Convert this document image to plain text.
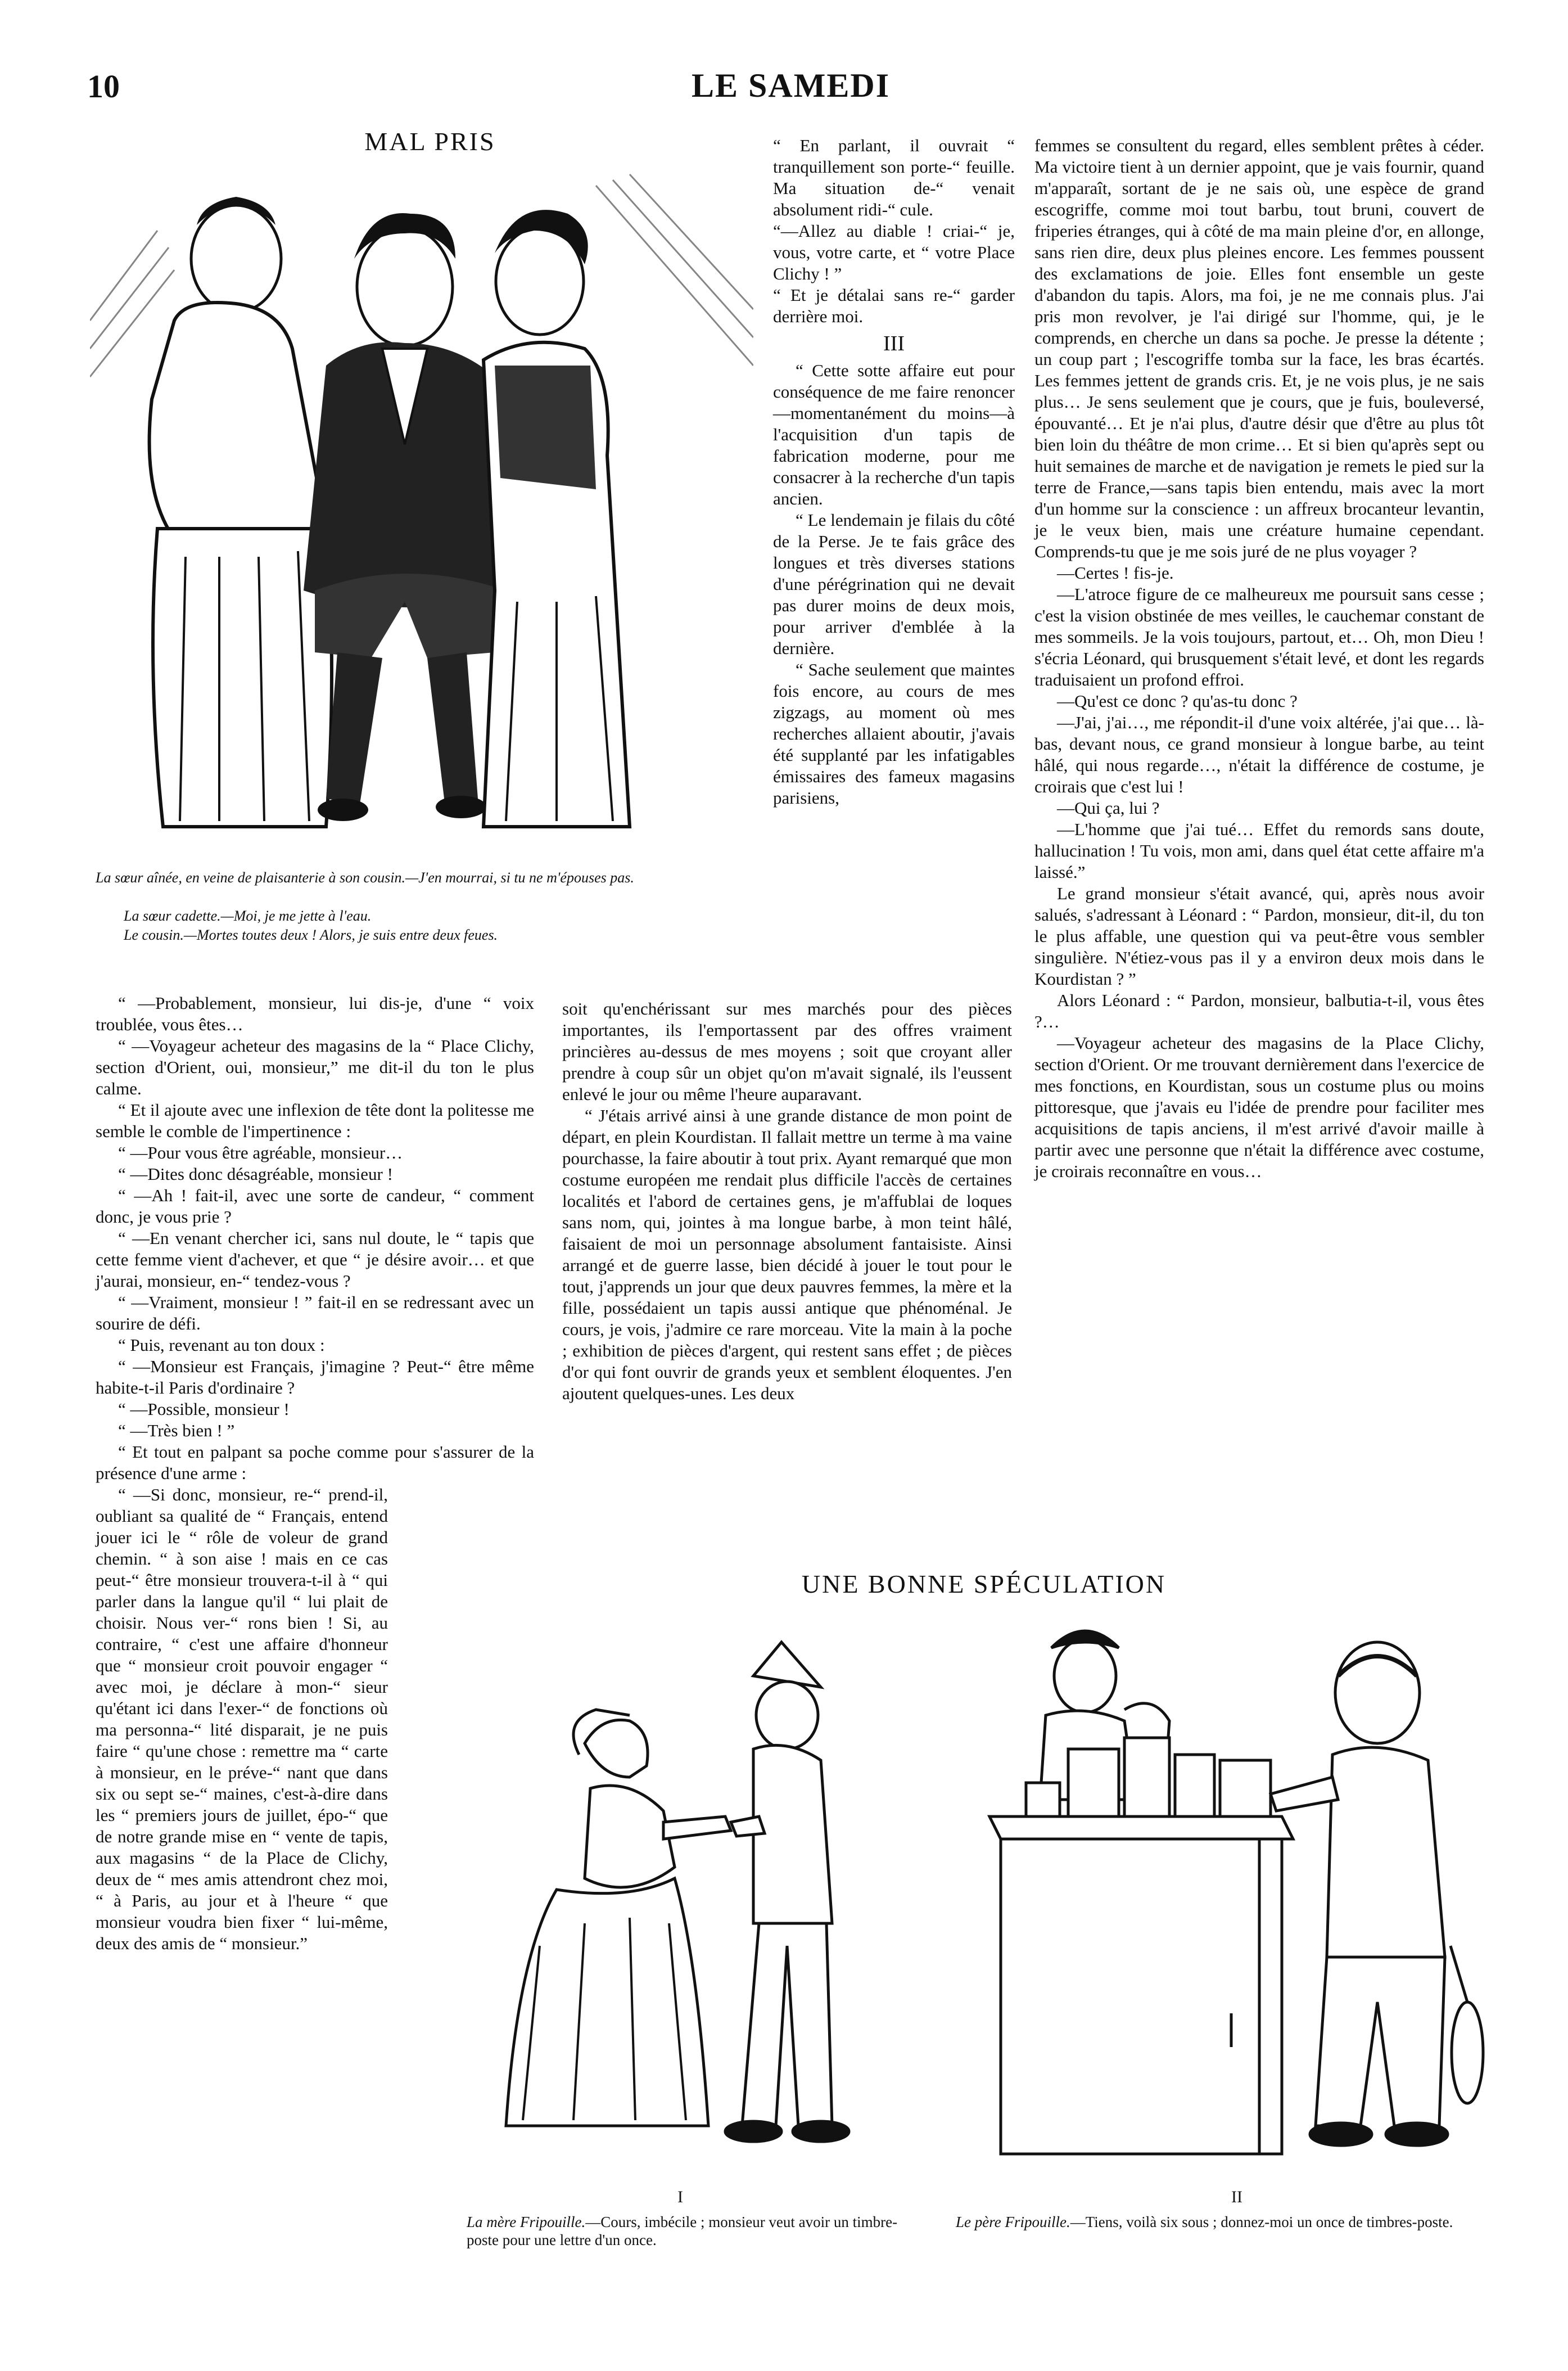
10	LE SAMEDI
MAL PRIS
La sœur aînée, en veine de plaisanterie à son cousin.—J'en mourrai, si tu ne m'épouses pas.
La sœur cadette.—Moi, je me jette à l'eau.
Le cousin.—Mortes toutes deux ! Alors, je suis entre deux feues.

“ En parlant, il ouvrait “ tranquillement son porte-“ feuille. Ma situation de-“ venait absolument ridi-“ cule.

“—Allez au diable ! criai-“ je, vous, votre carte, et “ votre Place Clichy ! ”

“ Et je détalai sans re-“ garder derrière moi.

III

“ Cette sotte affaire eut pour conséquence de me faire renoncer—momentanément du moins—à l'acquisition d'un tapis de fabrication moderne, pour me consacrer à la recherche d'un tapis ancien.

“ Le lendemain je filais du côté de la Perse. Je te fais grâce des longues et très diverses stations d'une pérégrination qui ne devait pas durer moins de deux mois, pour arriver d'emblée à la dernière.

“ Sache seulement que maintes fois encore, au cours de mes zigzags, au moment où mes recherches allaient aboutir, j'avais été supplanté par les infatigables émissaires des fameux magasins parisiens,

“ —Probablement, monsieur, lui dis-je, d'une “ voix troublée, vous êtes…

“ —Voyageur acheteur des magasins de la “ Place Clichy, section d'Orient, oui, monsieur,” me dit-il du ton le plus calme.

“ Et il ajoute avec une inflexion de tête dont la politesse me semble le comble de l'impertinence :

“ —Pour vous être agréable, monsieur…

“ —Dites donc désagréable, monsieur !

“ —Ah ! fait-il, avec une sorte de candeur, “ comment donc, je vous prie ?

“ —En venant chercher ici, sans nul doute, le “ tapis que cette femme vient d'achever, et que “ je désire avoir… et que j'aurai, monsieur, en-“ tendez-vous ?

“ —Vraiment, monsieur ! ” fait-il en se redressant avec un sourire de défi.

“ Puis, revenant au ton doux :

“ —Monsieur est Français, j'imagine ? Peut-“ être même habite-t-il Paris d'ordinaire ?

“ —Possible, monsieur !

“ —Très bien ! ”

“ Et tout en palpant sa poche comme pour s'assurer de la présence d'une arme :

“ —Si donc, monsieur, re-“ prend-il, oubliant sa qualité de “ Français, entend jouer ici le “ rôle de voleur de grand chemin. “ à son aise ! mais en ce cas peut-“ être monsieur trouvera-t-il à “ qui parler dans la langue qu'il “ lui plait de choisir. Nous ver-“ rons bien ! Si, au contraire, “ c'est une affaire d'honneur que “ monsieur croit pouvoir engager “ avec moi, je déclare à mon-“ sieur qu'étant ici dans l'exer-“ de fonctions où ma personna-“ lité disparait, je ne puis faire “ qu'une chose : remettre ma “ carte à monsieur, en le préve-“ nant que dans six ou sept se-“ maines, c'est-à-dire dans les “ premiers jours de juillet, épo-“ que de notre grande mise en “ vente de tapis, aux magasins “ de la Place de Clichy, deux de “ mes amis attendront chez moi, “ à Paris, au jour et à l'heure “ que monsieur voudra bien fixer “ lui-même, deux des amis de “ monsieur.”

soit qu'enchérissant sur mes marchés pour des pièces importantes, ils l'emportassent par des offres vraiment princières au-dessus de mes moyens ; soit que croyant aller prendre à coup sûr un objet qu'on m'avait signalé, ils l'eussent enlevé le jour ou même l'heure auparavant.

“ J'étais arrivé ainsi à une grande distance de mon point de départ, en plein Kourdistan. Il fallait mettre un terme à ma vaine pourchasse, la faire aboutir à tout prix. Ayant remarqué que mon costume européen me rendait plus difficile l'accès de certaines localités et l'abord de certaines gens, je m'affublai de loques sans nom, qui, jointes à ma longue barbe, à mon teint hâlé, faisaient de moi un personnage absolument fantaisiste. Ainsi arrangé et de guerre lasse, bien décidé à jouer le tout pour le tout, j'apprends un jour que deux pauvres femmes, la mère et la fille, possédaient un tapis aussi antique que phénoménal. Je cours, je vois, j'admire ce rare morceau. Vite la main à la poche ; exhibition de pièces d'argent, qui restent sans effet ; de pièces d'or qui font ouvrir de grands yeux et semblent éloquentes. J'en ajoutent quelques-unes. Les deux

femmes se consultent du regard, elles semblent prêtes à céder. Ma victoire tient à un dernier appoint, que je vais fournir, quand m'apparaît, sortant de je ne sais où, une espèce de grand escogriffe, comme moi tout barbu, tout bruni, couvert de friperies étranges, qui à côté de ma main pleine d'or, en allonge, sans rien dire, deux plus pleines encore. Les femmes poussent des exclamations de joie. Elles font ensemble un geste d'abandon du tapis. Alors, ma foi, je ne me connais plus. J'ai pris mon revolver, je l'ai dirigé sur l'homme, qui, je le comprends, en cherche un dans sa poche. Je presse la détente ; un coup part ; l'escogriffe tomba sur la face, les bras écartés. Les femmes jettent de grands cris. Et, je ne vois plus, je ne sais plus… Je sens seulement que je cours, que je fuis, bouleversé, épouvanté… Et je n'ai plus, d'autre désir que d'être au plus tôt bien loin du théâtre de mon crime… Et si bien qu'après sept ou huit semaines de marche et de navigation je remets le pied sur la terre de France,—sans tapis bien entendu, mais avec la mort d'un homme sur la conscience : un affreux brocanteur levantin, je le veux bien, mais une créature humaine cependant. Comprends-tu que je me sois juré de ne plus voyager ?

—Certes ! fis-je.

—L'atroce figure de ce malheureux me poursuit sans cesse ; c'est la vision obstinée de mes veilles, le cauchemar constant de mes sommeils. Je la vois toujours, partout, et… Oh, mon Dieu ! s'écria Léonard, qui brusquement s'était levé, et dont les regards traduisaient un profond effroi.

—Qu'est ce donc ? qu'as-tu donc ?

—J'ai, j'ai…, me répondit-il d'une voix altérée, j'ai que… là-bas, devant nous, ce grand monsieur à longue barbe, au teint hâlé, qui nous regarde…, n'était la différence de costume, je croirais que c'est lui !

—Qui ça, lui ?

—L'homme que j'ai tué… Effet du remords sans doute, hallucination ! Tu vois, mon ami, dans quel état cette affaire m'a laissé.”

Le grand monsieur s'était avancé, qui, après nous avoir salués, s'adressant à Léonard : “ Pardon, monsieur, dit-il, du ton le plus affable, une question qui va peut-être vous sembler singulière. N'étiez-vous pas il y a environ deux mois dans le Kourdistan ? ”

Alors Léonard : “ Pardon, monsieur, balbutia-t-il, vous êtes ?…

—Voyageur acheteur des magasins de la Place Clichy, section d'Orient. Or me trouvant dernièrement dans l'exercice de mes fonctions, en Kourdistan, sous un costume plus ou moins pittoresque, que j'avais eu l'idée de prendre pour faciliter mes acquisitions de tapis anciens, il m'est arrivé d'avoir maille à partir avec une personne que n'était la différence avec costume, je croirais reconnaître en vous…

UNE BONNE SPÉCULATION
I	II
La mère Fripouille.—Cours, imbécile ; monsieur veut avoir un timbre-poste pour une lettre d'un once.
Le père Fripouille.—Tiens, voilà six sous ; donnez-moi un once de timbres-poste.
